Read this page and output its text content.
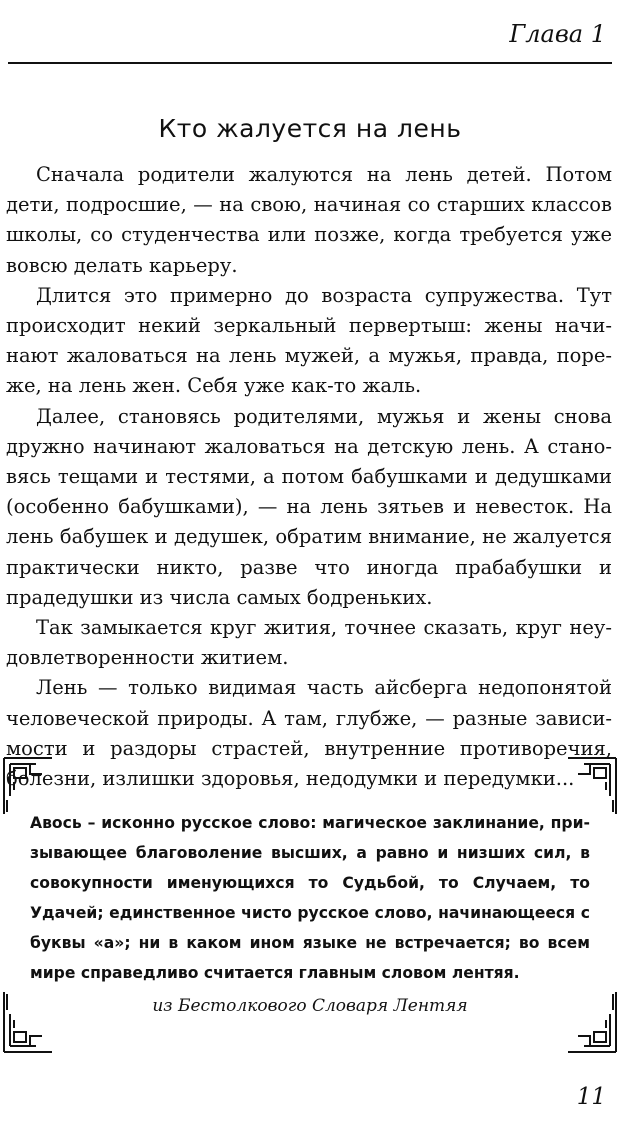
Глава 1
Кто жалуется на лень

Сначала родители жалуются на лень детей. Потом дети, подросшие, — на свою, начиная со старших классов школы, со студенчества или позже, когда требуется уже вовсю делать карьеру.

Длится это примерно до возраста супружества. Тут происходит некий зеркальный первертыш: жены начинают жаловаться на лень мужей, а мужья, правда, пореже, на лень жен. Себя уже как-то жаль.

Далее, становясь родителями, мужья и жены снова дружно начинают жаловаться на детскую лень. А становясь тещами и тестями, а потом бабушками и дедушками (особенно бабушками), — на лень зятьев и невесток. На лень бабушек и дедушек, обратим внимание, не жалуется практически никто, разве что иногда прабабушки и прадедушки из числа самых бодреньких.

Так замыкается круг жития, точнее сказать, круг неудовлетворенности житием.

Лень — только видимая часть айсберга недопонятой человеческой природы. А там, глубже, — разные зависимости и раздоры страстей, внутренние противоречия, болезни, излишки здоровья, недодумки и передумки...

Авось – исконно русское слово: магическое заклинание, призывающее благоволение высших, а равно и низших сил, в совокупности именующихся то Судьбой, то Случаем, то Удачей; единственное чисто русское слово, начинающееся с буквы «а»; ни в каком ином языке не встречается; во всем мире справедливо считается главным словом лентяя.
из Бестолкового Словаря Лентяя
11
